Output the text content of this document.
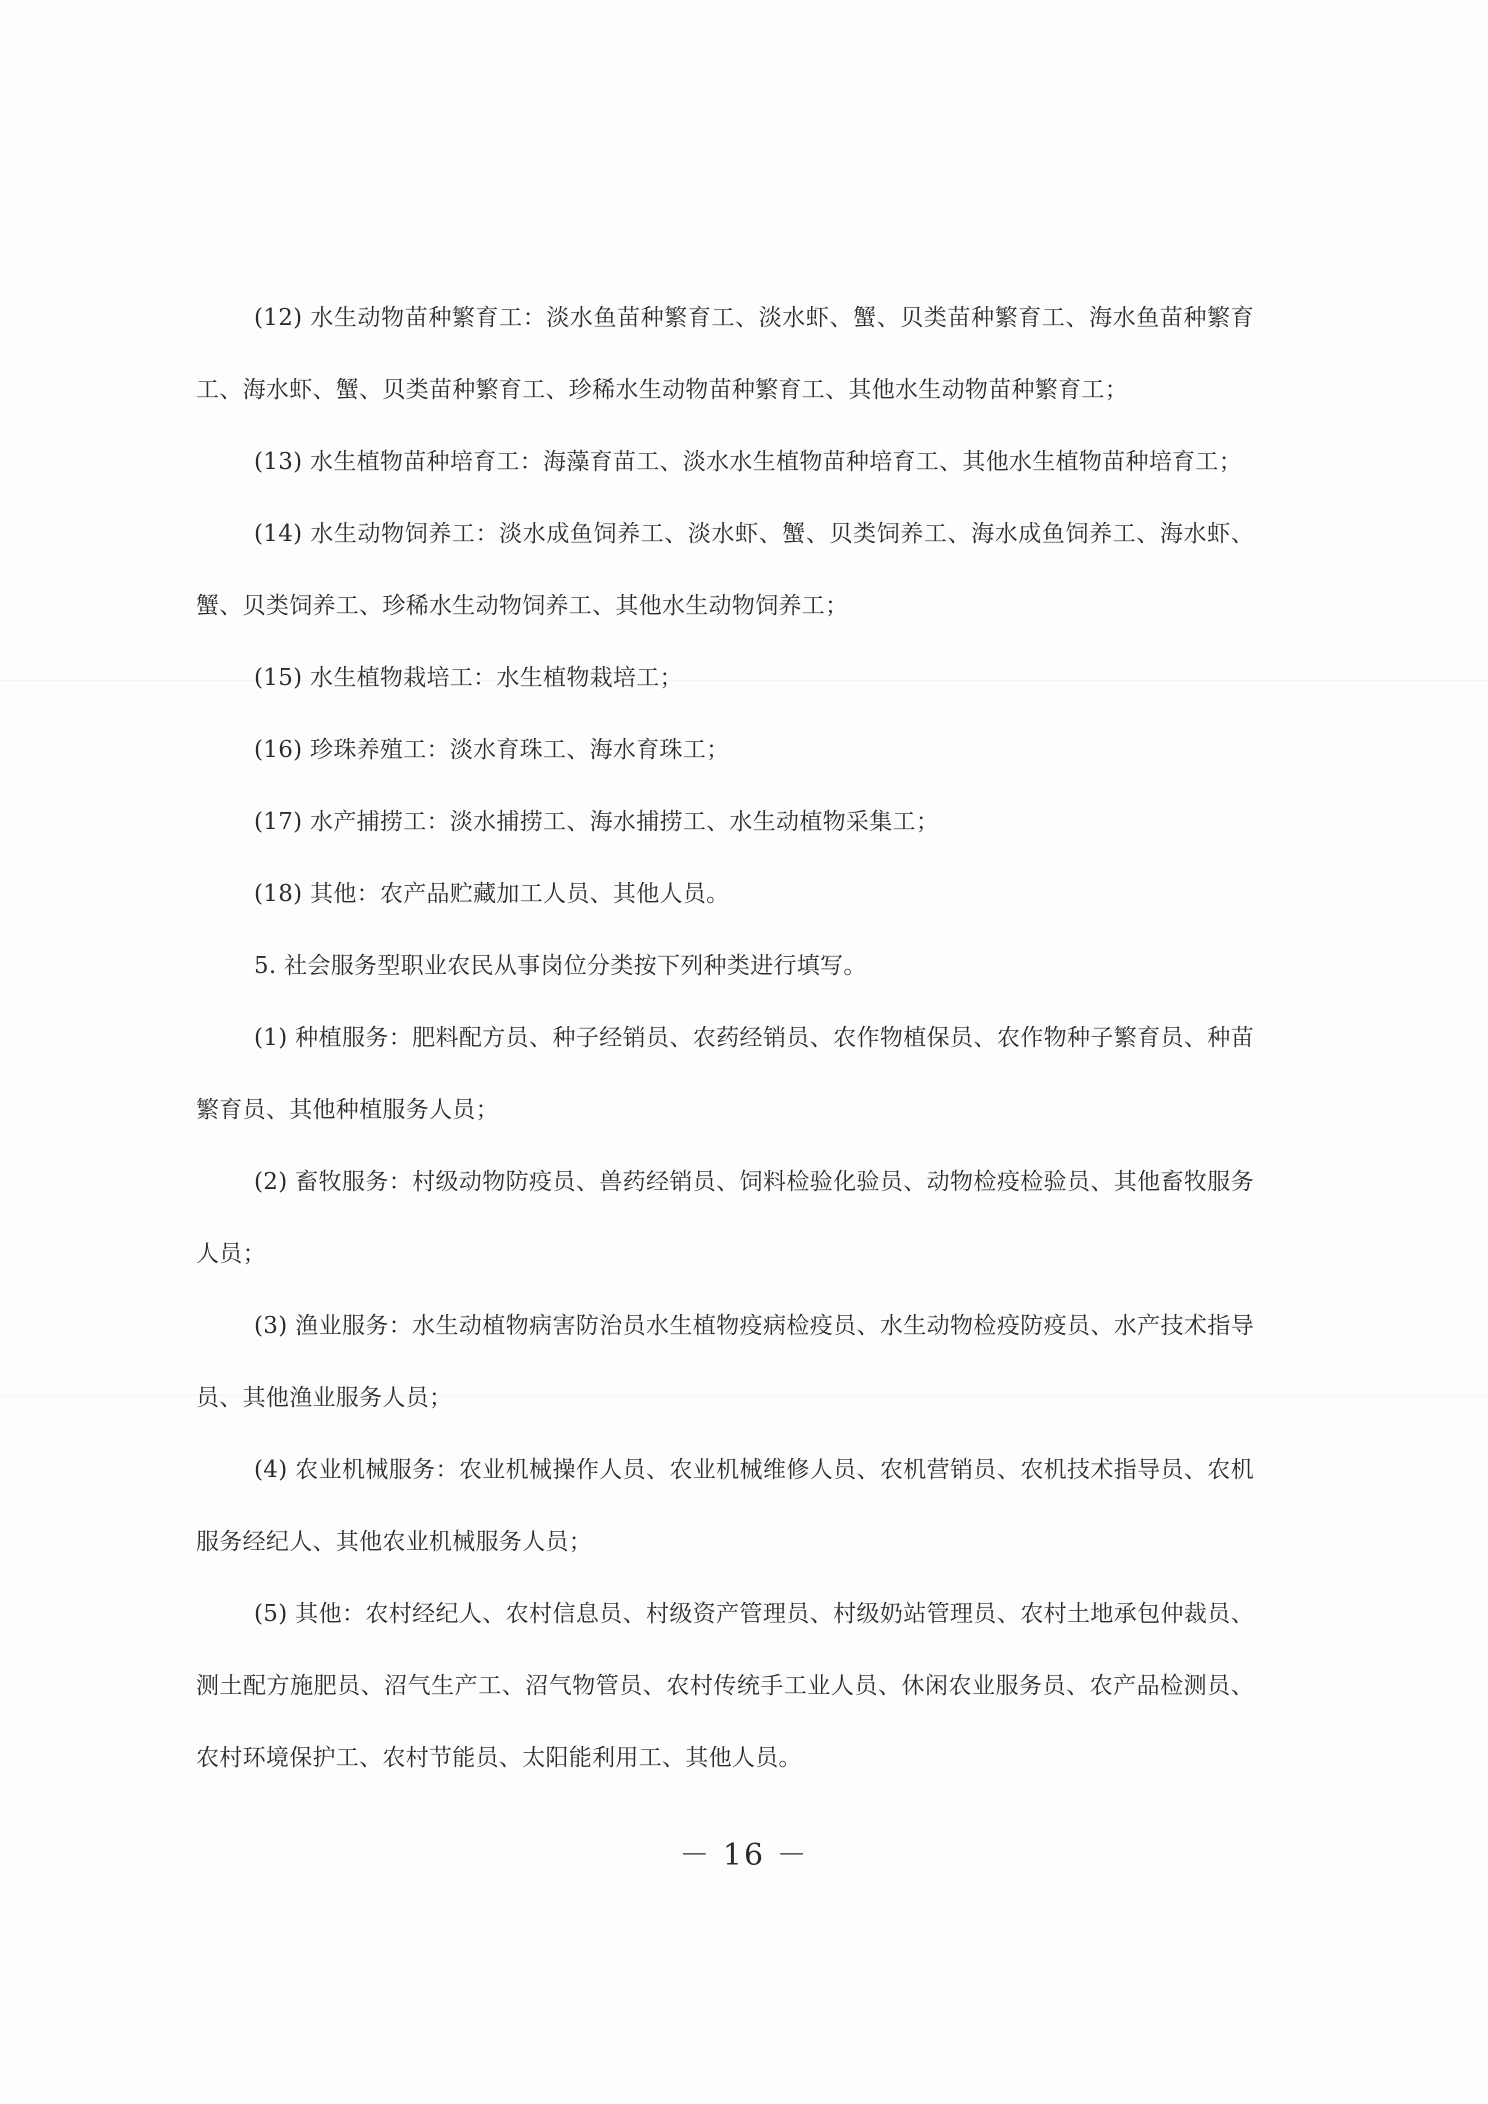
(12) 水生动物苗种繁育工：淡水鱼苗种繁育工、淡水虾、蟹、贝类苗种繁育工、海水鱼苗种繁育工、海水虾、蟹、贝类苗种繁育工、珍稀水生动物苗种繁育工、其他水生动物苗种繁育工；

(13) 水生植物苗种培育工：海藻育苗工、淡水水生植物苗种培育工、其他水生植物苗种培育工；

(14) 水生动物饲养工：淡水成鱼饲养工、淡水虾、蟹、贝类饲养工、海水成鱼饲养工、海水虾、蟹、贝类饲养工、珍稀水生动物饲养工、其他水生动物饲养工；

(15) 水生植物栽培工：水生植物栽培工；

(16) 珍珠养殖工：淡水育珠工、海水育珠工；

(17) 水产捕捞工：淡水捕捞工、海水捕捞工、水生动植物采集工；

(18) 其他：农产品贮藏加工人员、其他人员。

5. 社会服务型职业农民从事岗位分类按下列种类进行填写。

(1) 种植服务：肥料配方员、种子经销员、农药经销员、农作物植保员、农作物种子繁育员、种苗繁育员、其他种植服务人员；

(2) 畜牧服务：村级动物防疫员、兽药经销员、饲料检验化验员、动物检疫检验员、其他畜牧服务人员；

(3) 渔业服务：水生动植物病害防治员水生植物疫病检疫员、水生动物检疫防疫员、水产技术指导员、其他渔业服务人员；

(4) 农业机械服务：农业机械操作人员、农业机械维修人员、农机营销员、农机技术指导员、农机服务经纪人、其他农业机械服务人员；

(5) 其他：农村经纪人、农村信息员、村级资产管理员、村级奶站管理员、农村土地承包仲裁员、测土配方施肥员、沼气生产工、沼气物管员、农村传统手工业人员、休闲农业服务员、农产品检测员、农村环境保护工、农村节能员、太阳能利用工、其他人员。

－ 16 －
